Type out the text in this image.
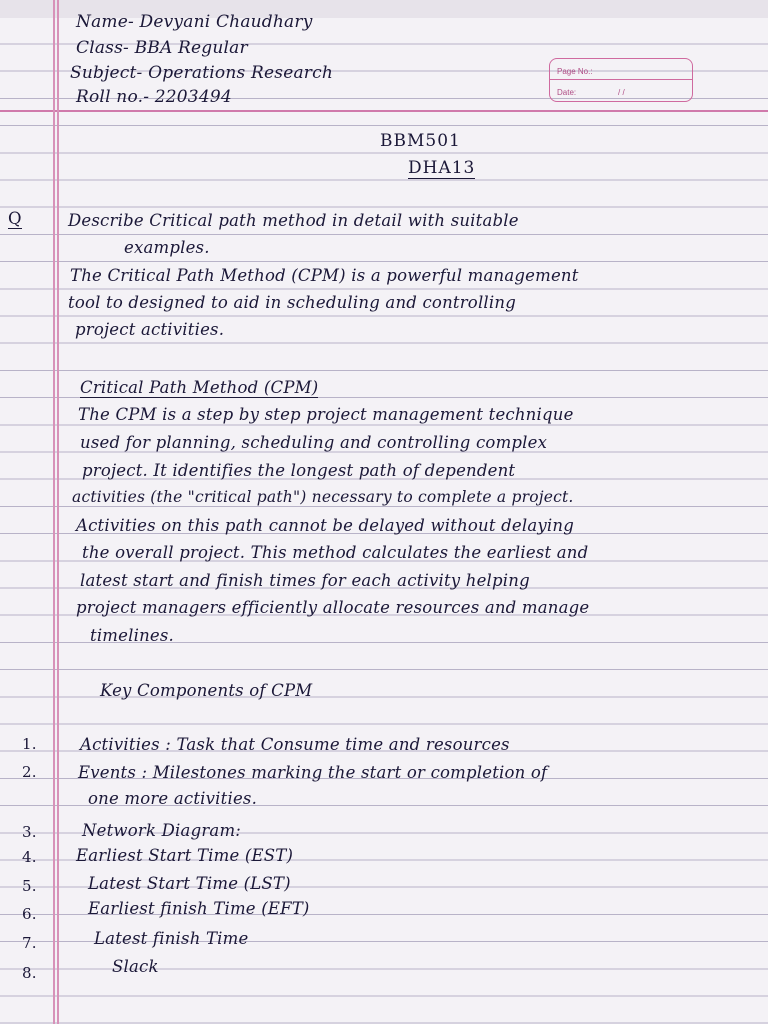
Name- Devyani Chaudhary
Class- BBA Regular
Subject- Operations Research
Roll no.- 2203494
Page No.:
Date:	/ /
BBM501
DHA13
Q	Describe Critical path method in detail with suitable
examples.
The Critical Path Method (CPM) is a powerful management
tool to designed to aid in scheduling and controlling
project activities.
Critical Path Method (CPM)
The CPM is a step by step project management technique
used for planning, scheduling and controlling complex
project. It identifies the longest path of dependent
activities (the "critical path") necessary to complete a project.
Activities on this path cannot be delayed without delaying
the overall project. This method calculates the earliest and
latest start and finish times for each activity helping
project managers efficiently allocate resources and manage
timelines.
Key Components of CPM
1.	Activities : Task that Consume time and resources
2.	Events : Milestones marking the start or completion of
one more activities.
3.	Network Diagram:
4. Earliest Start Time (EST)
5.	Latest Start Time (LST)
6.	Earliest finish Time (EFT)
7.	Latest finish Time
8.	Slack
